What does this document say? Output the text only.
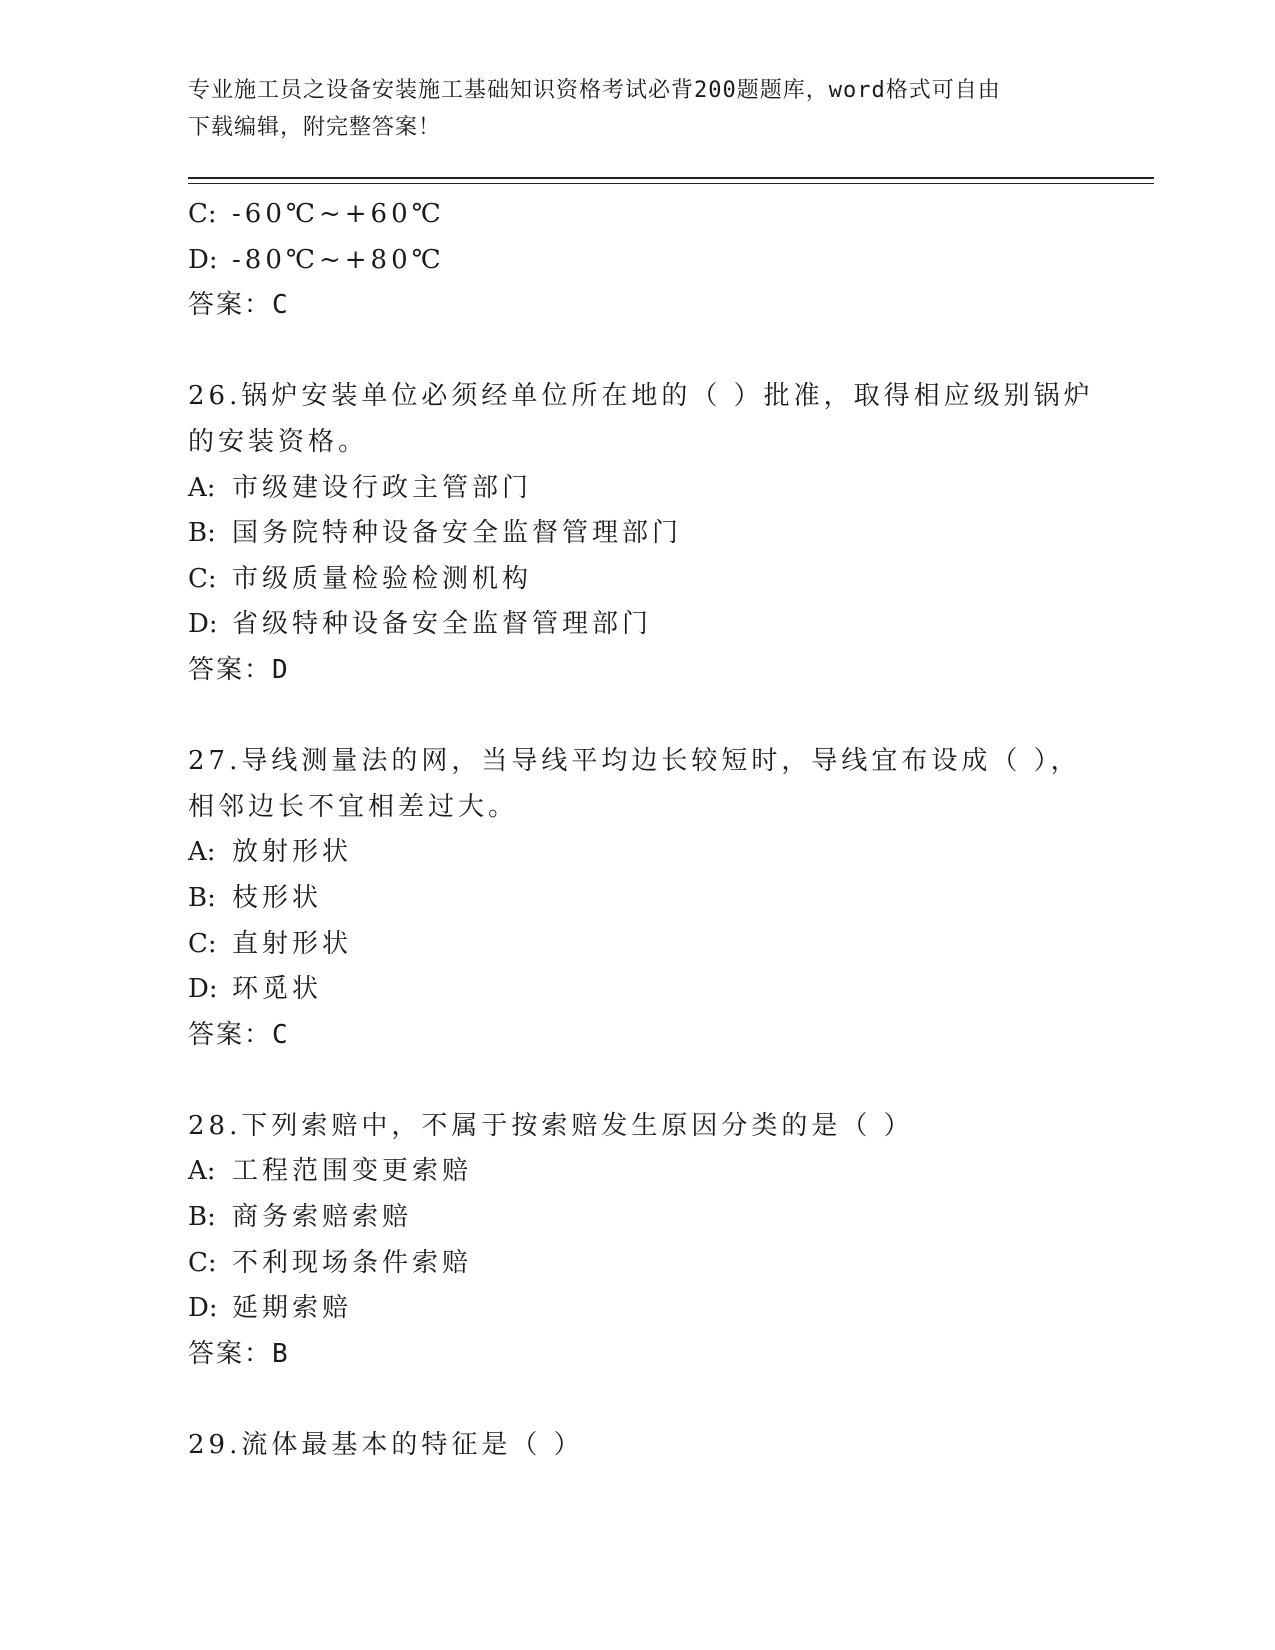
专业施工员之设备安装施工基础知识资格考试必背200题题库，word格式可自由
下载编辑，附完整答案！
C: -60℃~+60℃
D: -80℃~+80℃
答案：C
26.锅炉安装单位必须经单位所在地的（ ）批准，取得相应级别锅炉
的安装资格。
A: 市级建设行政主管部门
B: 国务院特种设备安全监督管理部门
C: 市级质量检验检测机构
D: 省级特种设备安全监督管理部门
答案：D
27.导线测量法的网，当导线平均边长较短时，导线宜布设成（ ），
相邻边长不宜相差过大。
A: 放射形状
B: 枝形状
C: 直射形状
D: 环觅状
答案：C
28.下列索赔中，不属于按索赔发生原因分类的是（ ）
A: 工程范围变更索赔
B: 商务索赔索赔
C: 不利现场条件索赔
D: 延期索赔
答案：B
29.流体最基本的特征是（ ）
